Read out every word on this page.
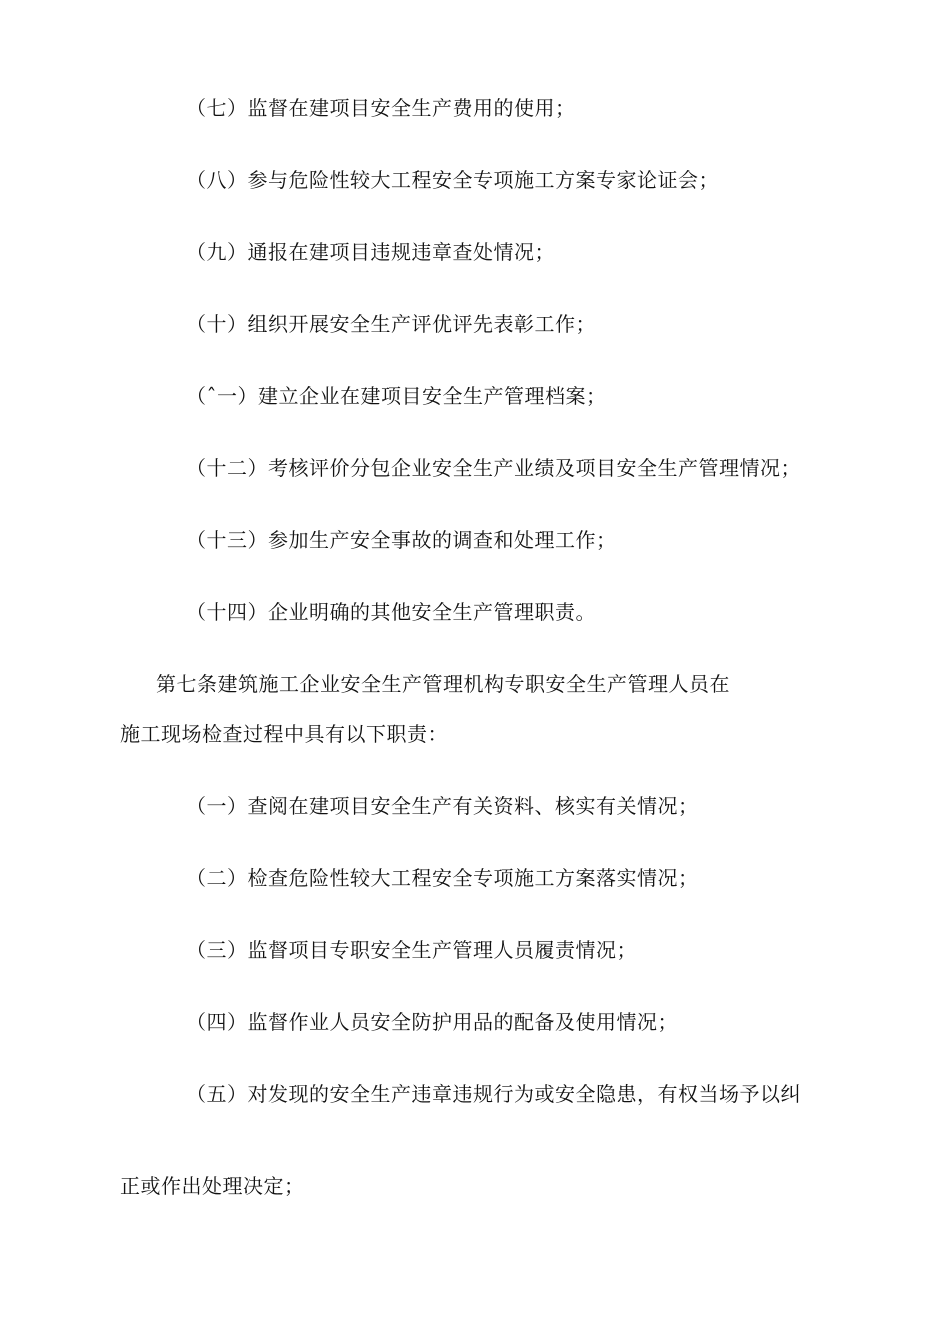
（七）监督在建项目安全生产费用的使用；
（八）参与危险性较大工程安全专项施工方案专家论证会；
（九）通报在建项目违规违章查处情况；
（十）组织开展安全生产评优评先表彰工作；
（ˆ一）建立企业在建项目安全生产管理档案；
（十二）考核评价分包企业安全生产业绩及项目安全生产管理情况；
（十三）参加生产安全事故的调查和处理工作；
（十四）企业明确的其他安全生产管理职责。
第七条建筑施工企业安全生产管理机构专职安全生产管理人员在
施工现场检查过程中具有以下职责：
（一）查阅在建项目安全生产有关资料、核实有关情况；
（二）检查危险性较大工程安全专项施工方案落实情况；
（三）监督项目专职安全生产管理人员履责情况；
（四）监督作业人员安全防护用品的配备及使用情况；
（五）对发现的安全生产违章违规行为或安全隐患，有权当场予以纠
正或作出处理决定；
